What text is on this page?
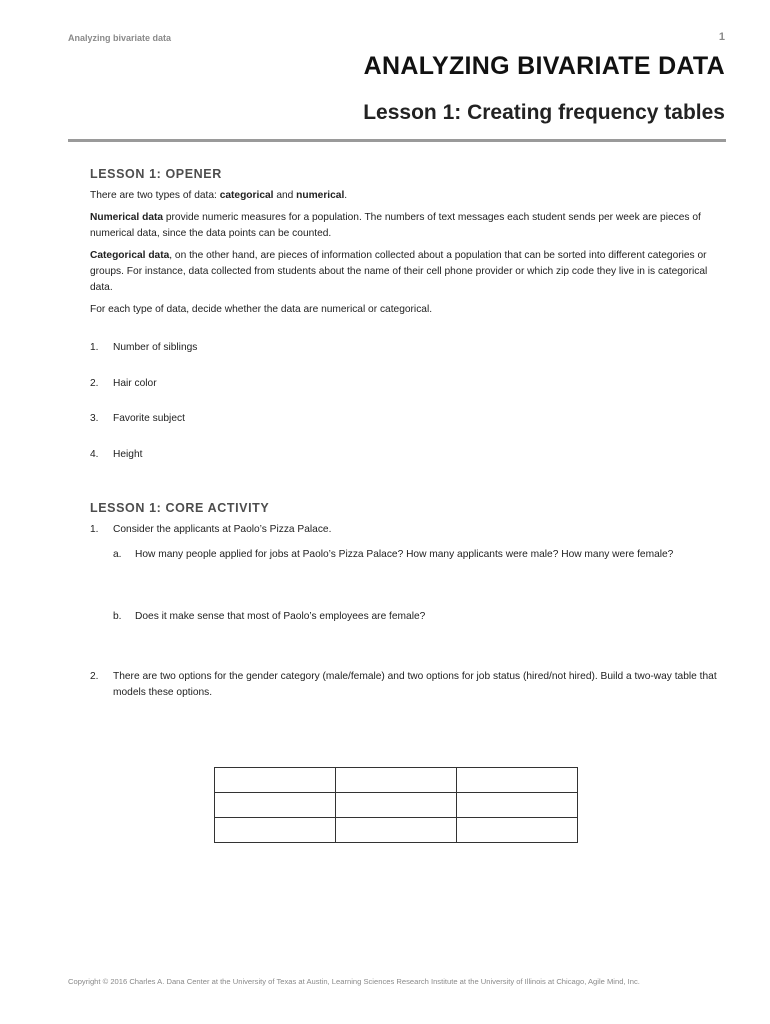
Analyzing bivariate data	1
ANALYZING BIVARIATE DATA
Lesson 1: Creating frequency tables
LESSON 1: OPENER

There are two types of data: categorical and numerical.

Numerical data provide numeric measures for a population. The numbers of text messages each student sends per week are pieces of numerical data, since the data points can be counted.

Categorical data, on the other hand, are pieces of information collected about a population that can be sorted into different categories or groups. For instance, data collected from students about the name of their cell phone provider or which zip code they live in is categorical data.

For each type of data, decide whether the data are numerical or categorical.

1.	Number of siblings
2.	Hair color
3.	Favorite subject
4.	Height
LESSON 1: CORE ACTIVITY
1.	Consider the applicants at Paolo’s Pizza Palace.
a.	How many people applied for jobs at Paolo’s Pizza Palace? How many applicants were male? How many were female?
b.	Does it make sense that most of Paolo’s employees are female?
2.	There are two options for the gender category (male/female) and two options for job status (hired/not hired). Build a two-way table that models these options.

Copyright © 2016 Charles A. Dana Center at the University of Texas at Austin, Learning Sciences Research Institute at the University of Illinois at Chicago, Agile Mind, Inc.
